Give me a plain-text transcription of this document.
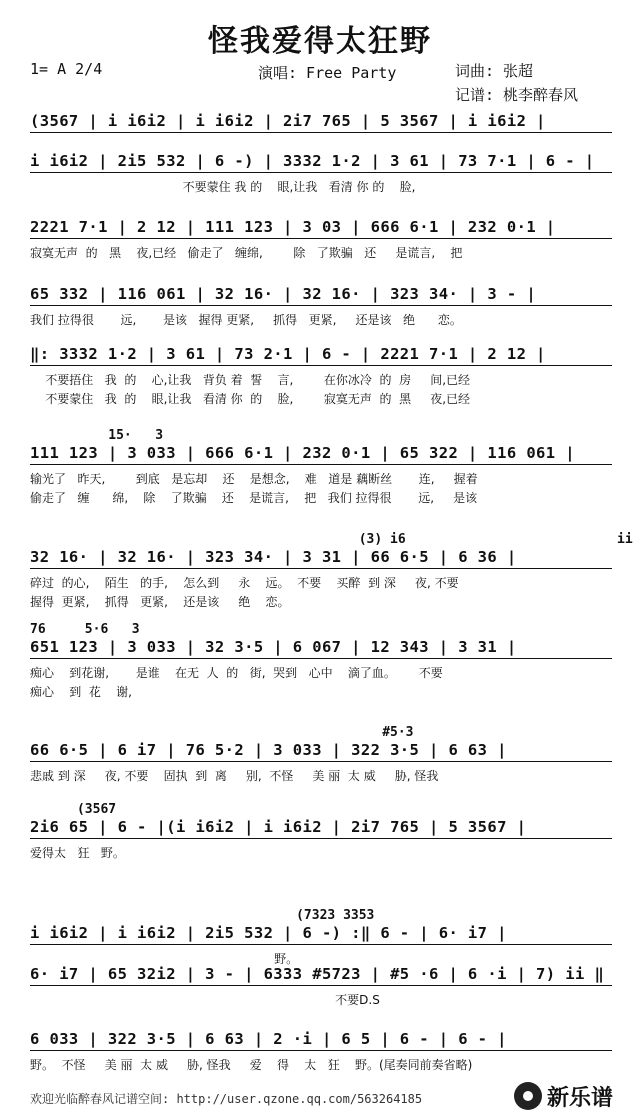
怪我爱得太狂野
1= A 2/4	演唱: Free Party	词曲: 张超
记谱: 桃李醉春风
(3567 | i i6i2 | i i6i2 | 2i7 765 | 5 3567 | i i6i2 |
i i6i2 | 2i5 532 | 6 -) | 3332 1·2 | 3 61 | 73 7·1 | 6 - |
不要蒙住 我 的    眼,让我   看清 你 的    脸,
2221 7·1 | 2 12 | 111 123 | 3 03 | 666 6·1 | 232 0·1 |
寂寞无声  的   黑    夜,已经   偷走了   缠绵,        除   了欺骗   还     是谎言,    把
65 332 | 116 061 | 32 16· | 32 16· | 323 34· | 3 - |
我们 拉得很       远,       是该   握得 更紧,     抓得   更紧,     还是该   绝      恋。
‖: 3332 1·2 | 3 61 | 73 2·1 | 6 - | 2221 7·1 | 2 12 |
不要捂住   我  的    心,让我   背负 着  誓    言,        在你冰冷  的  房     间,已经
不要蒙住   我  的    眼,让我   看清 你  的    脸,        寂寞无声  的  黑     夜,已经
15·   3
111 123 | 3 033 | 666 6·1 | 232 0·1 | 65 322 | 116 061 |
输光了   昨天,        到底   是忘却    还    是想念,    难   道是 藕断丝       连,     握着
偷走了   缠      绵,    除    了欺骗    还    是谎言,    把   我们 拉得很       远,     是该
(3) i6                           ii
32 16· | 32 16· | 323 34· | 3 31 | 66 6·5 | 6 36 |
碎过  的心,    陌生   的手,    怎么到     永    远。  不要    买醉  到 深     夜, 不要
握得  更紧,    抓得   更紧,    还是该     绝    恋。
76     5·6   3
651 123 | 3 033 | 32 3·5 | 6 067 | 12 343 | 3 31 |
痴心    到花谢,       是谁    在无  人  的   街,  哭到   心中    滴了血。      不要
痴心    到  花    谢,
#5·3
66 6·5 | 6 i7 | 76 5·2 | 3 033 | 322 3·5 | 6 63 |
悲戚 到 深     夜, 不要    固执  到  离     别,  不怪     美 丽  太 威     胁, 怪我
(3567
2i6 65 | 6 - |(i i6i2 | i i6i2 | 2i7 765 | 5 3567 |
爱得太   狂   野。
(7323 3353
i i6i2 | i i6i2 | 2i5 532 | 6 -) :‖ 6 - | 6· i7 |
野。
6· i7 | 65 32i2 | 3 - | 6333 #5723 | #5 ·6 | 6 ·i | 7) ii ‖
不要D.S
6 033 | 322 3·5 | 6 63 | 2 ·i | 6 5 | 6 - | 6 - |
野。  不怪     美 丽  太 威     胁, 怪我     爱    得    太   狂    野。(尾奏同前奏省略)
欢迎光临醉春风记谱空间: http://user.qzone.qq.com/563264185	新乐谱
